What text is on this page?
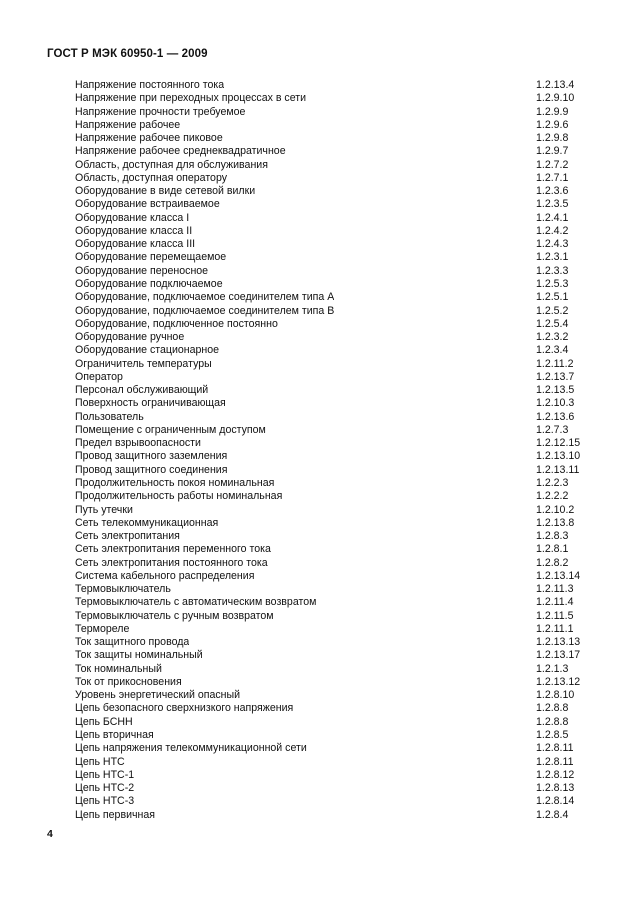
ГОСТ Р МЭК 60950-1 — 2009
Напряжение постоянного тока	1.2.13.4
Напряжение при переходных процессах в сети	1.2.9.10
Напряжение прочности требуемое	1.2.9.9
Напряжение рабочее	1.2.9.6
Напряжение рабочее пиковое	1.2.9.8
Напряжение рабочее среднеквадратичное	1.2.9.7
Область, доступная для обслуживания	1.2.7.2
Область, доступная оператору	1.2.7.1
Оборудование в виде сетевой вилки	1.2.3.6
Оборудование встраиваемое	1.2.3.5
Оборудование класса I	1.2.4.1
Оборудование класса II	1.2.4.2
Оборудование класса III	1.2.4.3
Оборудование перемещаемое	1.2.3.1
Оборудование переносное	1.2.3.3
Оборудование подключаемое	1.2.5.3
Оборудование, подключаемое соединителем типа А	1.2.5.1
Оборудование, подключаемое соединителем типа В	1.2.5.2
Оборудование, подключенное постоянно	1.2.5.4
Оборудование ручное	1.2.3.2
Оборудование стационарное	1.2.3.4
Ограничитель температуры	1.2.11.2
Оператор	1.2.13.7
Персонал обслуживающий	1.2.13.5
Поверхность ограничивающая	1.2.10.3
Пользователь	1.2.13.6
Помещение с ограниченным доступом	1.2.7.3
Предел взрывоопасности	1.2.12.15
Провод защитного заземления	1.2.13.10
Провод защитного соединения	1.2.13.11
Продолжительность покоя номинальная	1.2.2.3
Продолжительность работы номинальная	1.2.2.2
Путь утечки	1.2.10.2
Сеть телекоммуникационная	1.2.13.8
Сеть электропитания	1.2.8.3
Сеть электропитания переменного тока	1.2.8.1
Сеть электропитания постоянного тока	1.2.8.2
Система кабельного распределения	1.2.13.14
Термовыключатель	1.2.11.3
Термовыключатель с автоматическим возвратом	1.2.11.4
Термовыключатель с ручным возвратом	1.2.11.5
Термореле	1.2.11.1
Ток защитного провода	1.2.13.13
Ток защиты номинальный	1.2.13.17
Ток номинальный	1.2.1.3
Ток от прикосновения	1.2.13.12
Уровень энергетический опасный	1.2.8.10
Цепь безопасного сверхнизкого напряжения	1.2.8.8
Цепь БСНН	1.2.8.8
Цепь вторичная	1.2.8.5
Цепь напряжения телекоммуникационной сети	1.2.8.11
Цепь НТС	1.2.8.11
Цепь НТС-1	1.2.8.12
Цепь НТС-2	1.2.8.13
Цепь НТС-3	1.2.8.14
Цепь первичная	1.2.8.4
4
